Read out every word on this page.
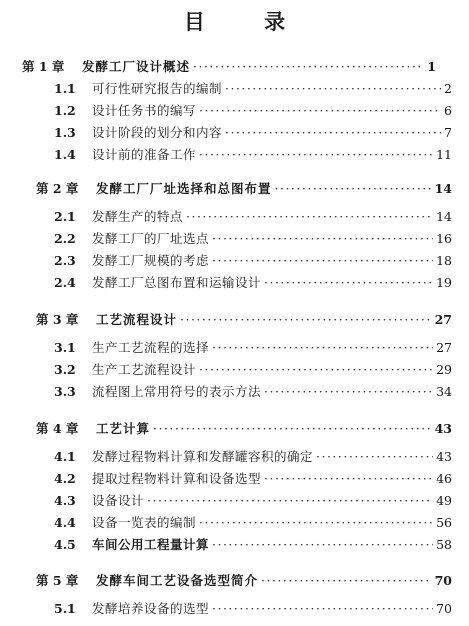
目 录
第 1 章	发酵工厂设计概述 ·····	1
1.1	可行性研究报告的编制 ·····	2
1.2	设计任务书的编写 ·····	6
1.3	设计阶段的划分和内容 ·····	7
1.4	设计前的准备工作 ·····	11
第 2 章	发酵工厂厂址选择和总图布置 ·····	14
2.1	发酵生产的特点 ·····	14
2.2	发酵工厂的厂址选点 ·····	16
2.3	发酵工厂规模的考虑 ·····	18
2.4	发酵工厂总图布置和运输设计 ·····	19
第 3 章	工艺流程设计 ·····	27
3.1	生产工艺流程的选择 ·····	27
3.2	生产工艺流程设计 ·····	29
3.3	流程图上常用符号的表示方法 ·····	34
第 4 章	工艺计算 ·····	43
4.1	发酵过程物料计算和发酵罐容积的确定 ·····	43
4.2	提取过程物料计算和设备选型 ·····	46
4.3	设备设计 ·····	49
4.4	设备一览表的编制 ·····	56
4.5	车间公用工程量计算 ·····	58
第 5 章	发酵车间工艺设备选型简介 ·····	70
5.1	发酵培养设备的选型 ·····	70
